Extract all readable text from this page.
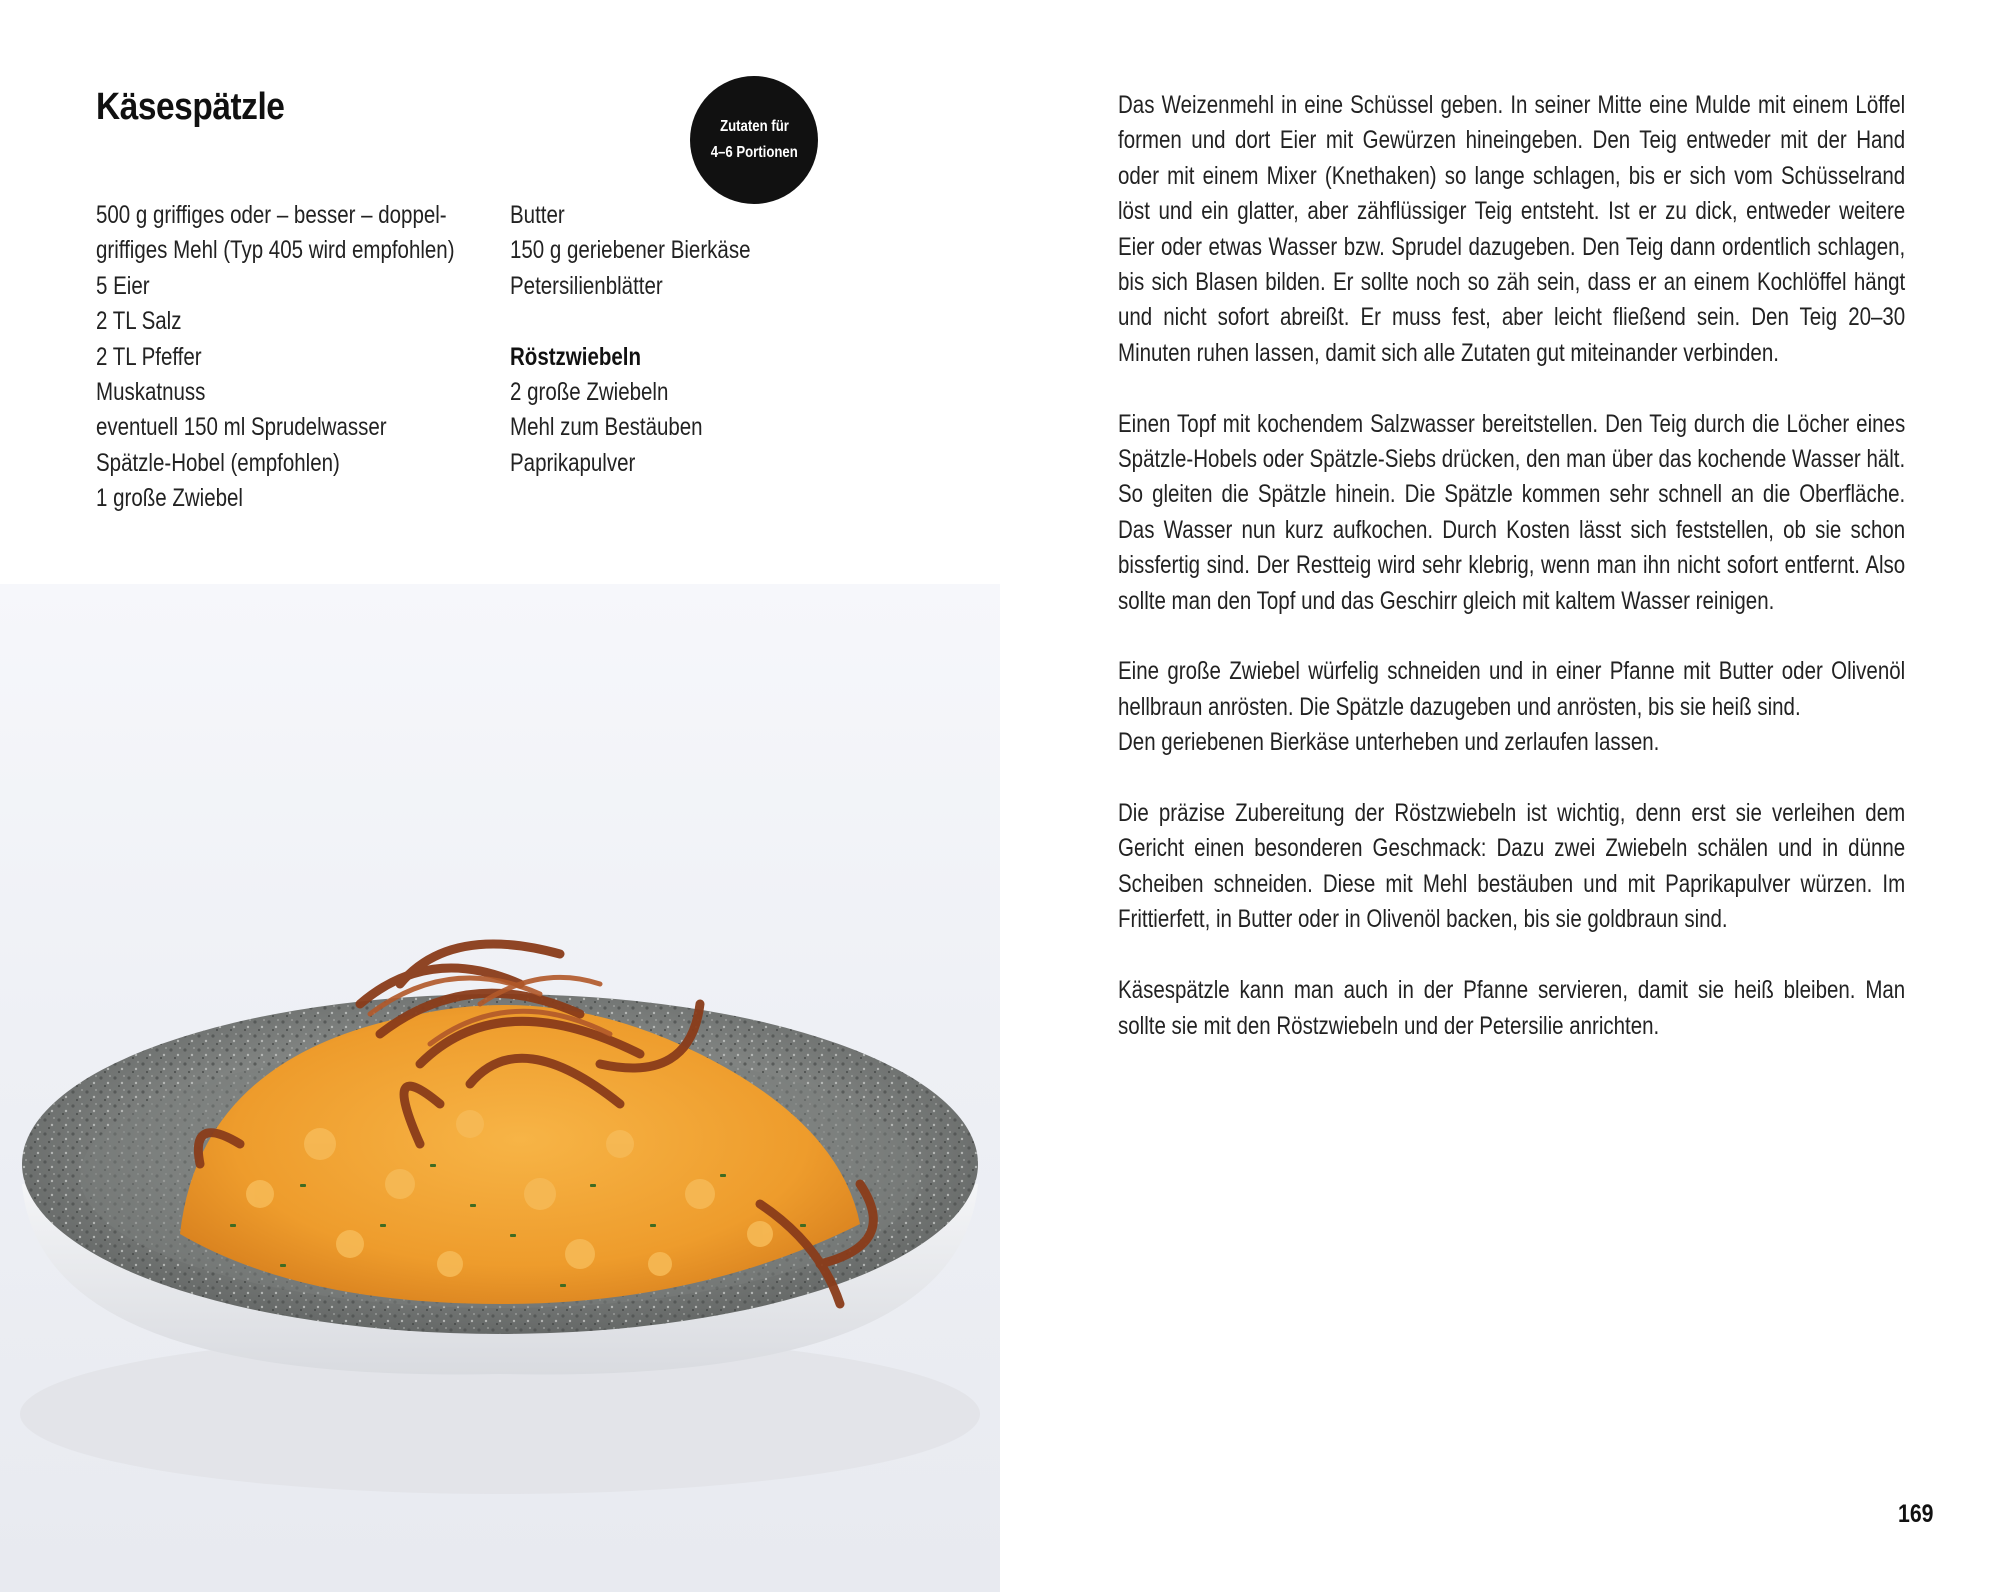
Käsespätzle	Zutaten für
4–6 Portionen
500 g griffiges oder – besser – doppel-
griffiges Mehl (Typ 405 wird empfohlen)
5 Eier
2 TL Salz
2 TL Pfeffer
Muskatnuss
eventuell 150 ml Sprudelwasser
Spätzle-Hobel (empfohlen)
1 große Zwiebel
Butter
150 g geriebener Bierkäse
Petersilienblätter
Röstzwiebeln
2 große Zwiebeln
Mehl zum Bestäuben
Paprikapulver

Das Weizenmehl in eine Schüssel geben. In seiner Mitte eine Mulde mit einem Löffel formen und dort Eier mit Gewürzen hineingeben. Den Teig entweder mit der Hand oder mit einem Mixer (Knethaken) so lange schlagen, bis er sich vom Schüsselrand löst und ein glatter, aber zähflüssiger Teig entsteht. Ist er zu dick, entweder weitere Eier oder etwas Wasser bzw. Sprudel dazugeben. Den Teig dann ordentlich schlagen, bis sich Blasen bilden. Er sollte noch so zäh sein, dass er an einem Kochlöffel hängt und nicht sofort abreißt. Er muss fest, aber leicht fließend sein. Den Teig 20–30 Minuten ruhen lassen, damit sich alle Zutaten gut miteinander verbinden.

Einen Topf mit kochendem Salzwasser bereitstellen. Den Teig durch die Löcher eines Spätzle-Hobels oder Spätzle-Siebs drücken, den man über das kochende Wasser hält. So gleiten die Spätzle hinein. Die Spätzle kommen sehr schnell an die Oberfläche. Das Wasser nun kurz aufkochen. Durch Kosten lässt sich feststellen, ob sie schon bissfertig sind. Der Restteig wird sehr klebrig, wenn man ihn nicht sofort entfernt. Also sollte man den Topf und das Geschirr gleich mit kaltem Wasser reinigen.

Eine große Zwiebel würfelig schneiden und in einer Pfanne mit Butter oder Olivenöl hellbraun anrösten. Die Spätzle dazugeben und anrösten, bis sie heiß sind.
Den geriebenen Bierkäse unterheben und zerlaufen lassen.

Die präzise Zubereitung der Röstzwiebeln ist wichtig, denn erst sie verleihen dem Gericht einen besonderen Geschmack: Dazu zwei Zwiebeln schälen und in dünne Scheiben schneiden. Diese mit Mehl bestäuben und mit Paprikapulver würzen. Im Frittierfett, in Butter oder in Olivenöl backen, bis sie goldbraun sind.

Käsespätzle kann man auch in der Pfanne servieren, damit sie heiß bleiben. Man sollte sie mit den Röstzwiebeln und der Petersilie anrichten.

169
